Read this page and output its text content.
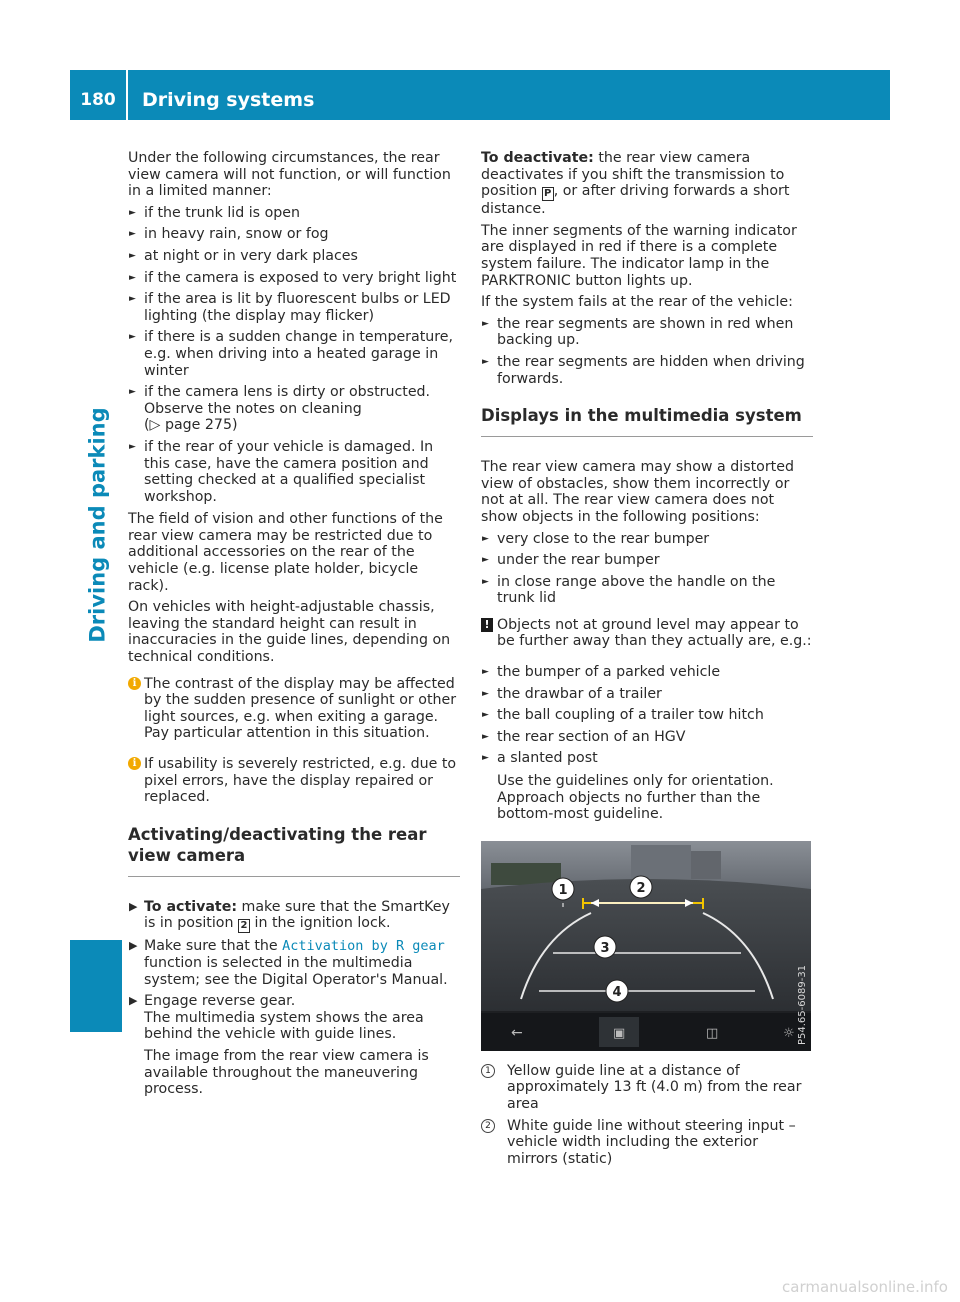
180	Driving systems
Driving and parking

Under the following circumstances, the rear view camera will not function, or will function in a limited manner:

► if the trunk lid is open
► in heavy rain, snow or fog
► at night or in very dark places
► if the camera is exposed to very bright light
► if the area is lit by fluorescent bulbs or LED lighting (the display may flicker)
► if there is a sudden change in temperature, e.g. when driving into a heated garage in winter
► if the camera lens is dirty or obstructed. Observe the notes on cleaning
(▷ page 275)
► if the rear of your vehicle is damaged. In this case, have the camera position and setting checked at a qualified specialist workshop.

The field of vision and other functions of the rear view camera may be restricted due to additional accessories on the rear of the vehicle (e.g. license plate holder, bicycle rack).

On vehicles with height-adjustable chassis, leaving the standard height can result in inaccuracies in the guide lines, depending on technical conditions.

i The contrast of the display may be affected by the sudden presence of sunlight or other light sources, e.g. when exiting a garage. Pay particular attention in this situation.
i If usability is severely restricted, e.g. due to pixel errors, have the display repaired or replaced.
Activating/deactivating the rear view camera
▶ To activate: make sure that the SmartKey is in position 2 in the ignition lock.
▶ Make sure that the Activation by R gear function is selected in the multimedia system; see the Digital Operator's Manual.
▶ Engage reverse gear.
The multimedia system shows the area behind the vehicle with guide lines.

The image from the rear view camera is available throughout the maneuvering process.

To deactivate: the rear view camera deactivates if you shift the transmission to position P , or after driving forwards a short distance.

The inner segments of the warning indicator are displayed in red if there is a complete system failure. The indicator lamp in the PARKTRONIC button lights up.

If the system fails at the rear of the vehicle:

► the rear segments are shown in red when backing up.
► the rear segments are hidden when driving forwards.
Displays in the multimedia system

The rear view camera may show a distorted view of obstacles, show them incorrectly or not at all. The rear view camera does not show objects in the following positions:

► very close to the rear bumper
► under the rear bumper
► in close range above the handle on the trunk lid
! Objects not at ground level may appear to be further away than they actually are, e.g.:
► the bumper of a parked vehicle
► the drawbar of a trailer
► the ball coupling of a trailer tow hitch
► the rear section of an HGV
► a slanted post

Use the guidelines only for orientation. Approach objects no further than the bottom-most guideline.

1	2
3
4
←	▣	◫	☼ P54.65-6089-31
1 Yellow guide line at a distance of approximately 13 ft (4.0 m) from the rear area
2 White guide line without steering input – vehicle width including the exterior mirrors (static)
carmanualsonline.info
